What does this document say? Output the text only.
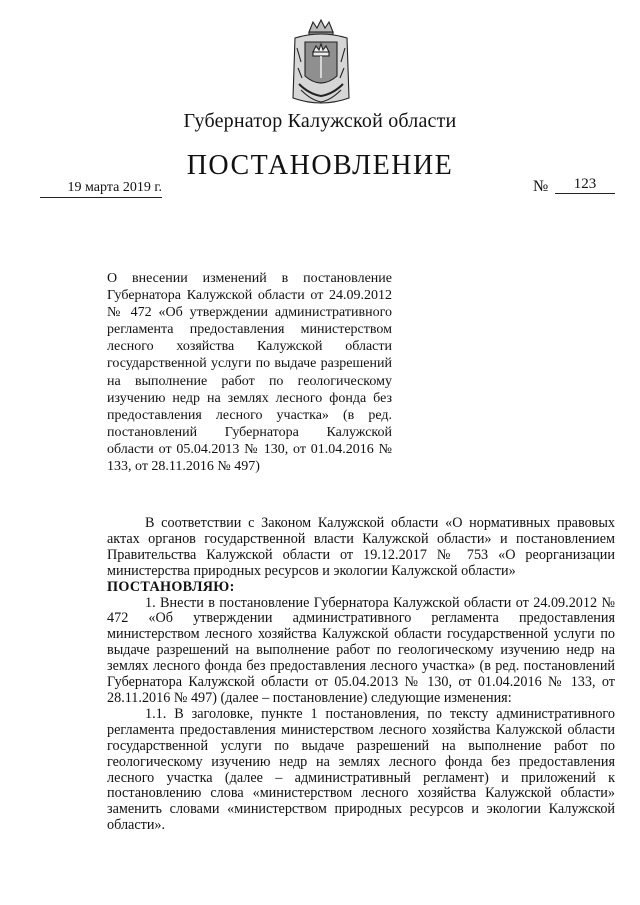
Губернатор Калужской области
ПОСТАНОВЛЕНИЕ
19 марта 2019 г.	№	123
О внесении изменений в постановление Губернатора Калужской области от 24.09.2012 № 472 «Об утверждении административного регламента предоставления министерством лесного хозяйства Калужской области государственной услуги по выдаче разрешений на выполнение работ по геологическому изучению недр на землях лесного фонда без предоставления лесного участка» (в ред. постановлений Губернатора Калужской области от 05.04.2013 № 130, от 01.04.2016 № 133, от 28.11.2016 № 497)

В соответствии с Законом Калужской области «О нормативных правовых актах органов государственной власти Калужской области» и постановлением Правительства Калужской области от 19.12.2017 № 753 «О реорганизации министерства природных ресурсов и экологии Калужской области»

ПОСТАНОВЛЯЮ:

1. Внести в постановление Губернатора Калужской области от 24.09.2012 № 472 «Об утверждении административного регламента предоставления министерством лесного хозяйства Калужской области государственной услуги по выдаче разрешений на выполнение работ по геологическому изучению недр на землях лесного фонда без предоставления лесного участка» (в ред. постановлений Губернатора Калужской области от 05.04.2013 № 130, от 01.04.2016 № 133, от 28.11.2016 № 497) (далее – постановление) следующие изменения:

1.1. В заголовке, пункте 1 постановления, по тексту административного регламента предоставления министерством лесного хозяйства Калужской области государственной услуги по выдаче разрешений на выполнение работ по геологическому изучению недр на землях лесного фонда без предоставления лесного участка (далее – административный регламент) и приложений к постановлению слова «министерством лесного хозяйства Калужской области» заменить словами «министерством природных ресурсов и экологии Калужской области».
